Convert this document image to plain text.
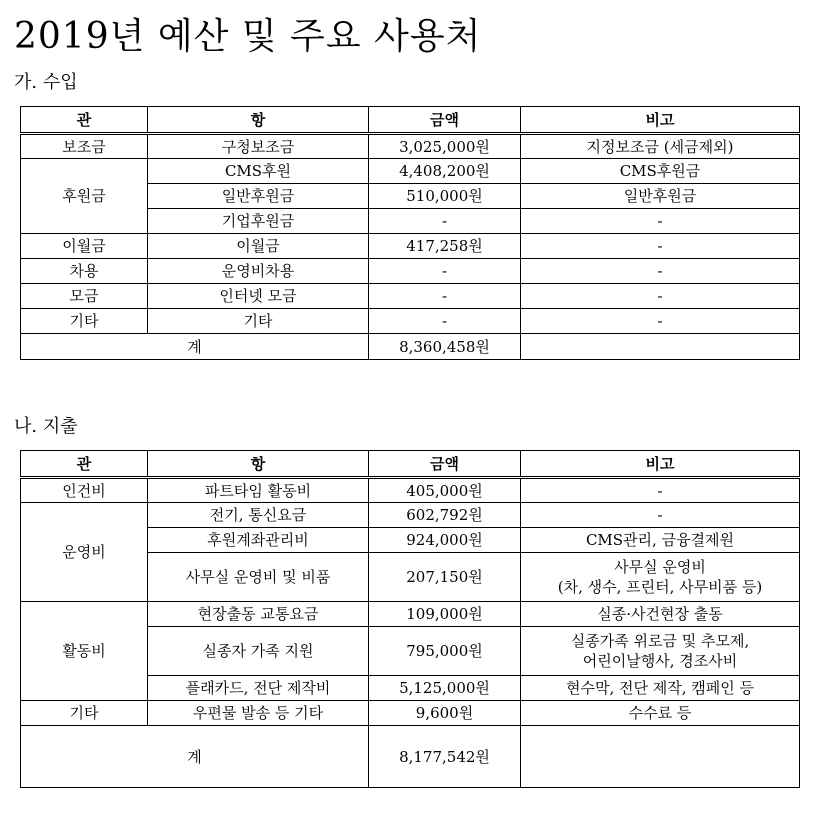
2019년 예산 및 주요 사용처
가. 수입
관	항	금액	비고
보조금	구청보조금	3,025,000원	지정보조금 (세금제외)
후원금	CMS후원	4,408,200원	CMS후원금
	일반후원금	510,000원	일반후원금
	기업후원금	-	-
이월금	이월금	417,258원	-
차용	운영비차용	-	-
모금	인터넷 모금	-	-
기타	기타	-	-
계		8,360,458원	
나. 지출
관	항	금액	비고
인건비	파트타임 활동비	405,000원	-
운영비	전기, 통신요금	602,792원	-
	후원계좌관리비	924,000원	CMS관리, 금융결제원
	사무실 운영비 및 비품	207,150원	사무실 운영비
(차, 생수, 프린터, 사무비품 등)

활동비	현장출동 교통요금	109,000원	실종·사건현장 출동
	실종자 가족 지원	795,000원	실종가족 위로금 및 추모제,
어린이날행사, 경조사비

	플래카드, 전단 제작비	5,125,000원	현수막, 전단 제작, 캠페인 등
기타	우편물 발송 등 기타	9,600원	수수료 등
계		8,177,542원	
